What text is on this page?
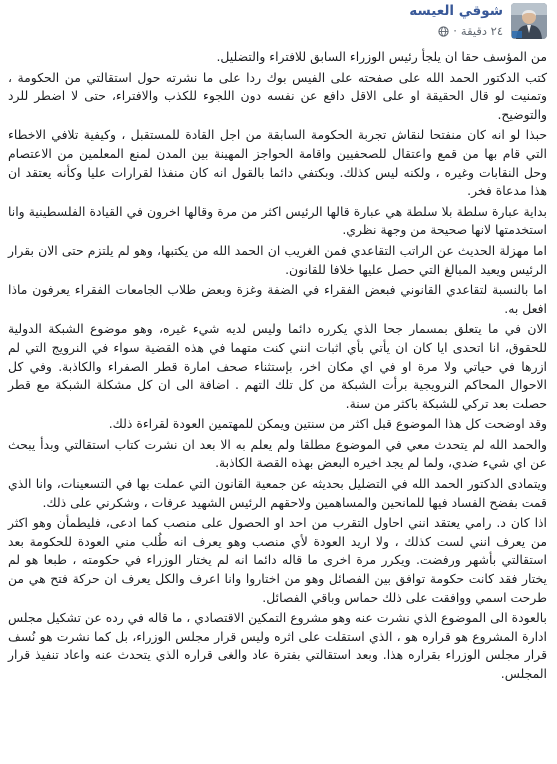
شوقي العيسه
٢٤ دقيقة
·

من المؤسف حقا ان يلجأ رئيس الوزراء السابق للافتراء والتضليل.

كتب الدكتور الحمد الله على صفحته على الفيس بوك ردا على ما نشرته حول استقالتي من الحكومة ، وتمنيت لو قال الحقيقة او على الاقل دافع عن نفسه دون اللجوء للكذب والافتراء، حتى لا اضطر للرد والتوضيح.

حبذا لو انه كان منفتحا لنقاش تجربة الحكومة السابقة من اجل القادة للمستقبل ، وكيفية تلافي الاخطاء التي قام بها من قمع واعتقال للصحفيين واقامة الحواجز المهينة بين المدن لمنع المعلمين من الاعتصام وحل النقابات وغيره ، ولكنه ليس كذلك. وبكتفي دائما بالقول انه كان منفذا لقرارات عليا وكأنه يعتقد ان هذا مدعاة فخر.

بداية عبارة سلطة بلا سلطة هي عبارة قالها الرئيس اكثر من مرة وقالها اخرون في القيادة الفلسطينية وانا استخدمتها لانها صحيحة من وجهة نظري.

اما مهزلة الحديث عن الراتب التقاعدي فمن الغريب ان الحمد الله من يكتبها، وهو لم يلتزم حتى الان بقرار الرئيس ويعيد المبالغ التي حصل عليها خلافا للقانون.

اما بالنسبة لتقاعدي القانوني فبعض الفقراء في الضفة وغزة وبعض طلاب الجامعات الفقراء يعرفون ماذا افعل به.

الان في ما يتعلق بمسمار جحا الذي يكرره دائما وليس لديه شيء غيره، وهو موضوع الشبكة الدولية للحقوق، انا اتحدى ايا كان ان يأتي بأي اثبات انني كنت متهما في هذه القضية سواء في النرويج التي لم ازرها في حياتي ولا مرة او في اي مكان اخر، بإستثناء صحف امارة قطر الصفراء والكاذبة. وفي كل الاحوال المحاكم النرويجية برأت الشبكة من كل تلك التهم . اضافة الى ان كل مشكلة الشبكة مع قطر حصلت بعد تركي للشبكة باكثر من سنة.

وقد اوضحت كل هذا الموضوع قبل اكثر من سنتين ويمكن للمهتمين العودة لقراءة ذلك.

والحمد الله لم يتحدث معي في الموضوع مطلقا ولم يعلم به الا بعد ان نشرت كتاب استقالتي وبدأ يبحث عن اي شيء ضدي، ولما لم يجد اخيره البعض بهذه القصة الكاذبة.

ويتمادى الدكتور الحمد الله في التضليل بحديثه عن جمعية القانون التي عملت بها في التسعينات، وانا الذي قمت بفضح الفساد فيها للمانحين والمساهمين ولاحقهم الرئيس الشهيد عرفات ، وشكرني على ذلك.

اذا كان د. رامي يعتقد انني احاول التقرب من احد او الحصول على منصب كما ادعى، فليطمأن وهو اكثر من يعرف انني لست كذلك ، ولا اريد العودة لأي منصب وهو يعرف انه طُلب مني العودة للحكومة بعد استقالتي بأشهر ورفضت. ويكرر مرة اخرى ما قاله دائما انه لم يختار الوزراء في حكومته ، طبعا هو لم يختار فقد كانت حكومة توافق بين الفصائل وهو من اختاروا وانا اعرف والكل يعرف ان حركة فتح هي من طرحت اسمي ووافقت على ذلك حماس وباقي الفصائل.

بالعودة الى الموضوع الذي نشرت عنه وهو مشروع التمكين الاقتصادي ، ما قاله في رده عن تشكيل مجلس ادارة المشروع هو قراره هو ، الذي استقلت على اثره وليس قرار مجلس الوزراء، بل كما نشرت هو نُسف قرار مجلس الوزراء بقراره هذا. وبعد استقالتي بفترة عاد والغى قراره الذي يتحدث عنه واعاد تنفيذ قرار المجلس.
